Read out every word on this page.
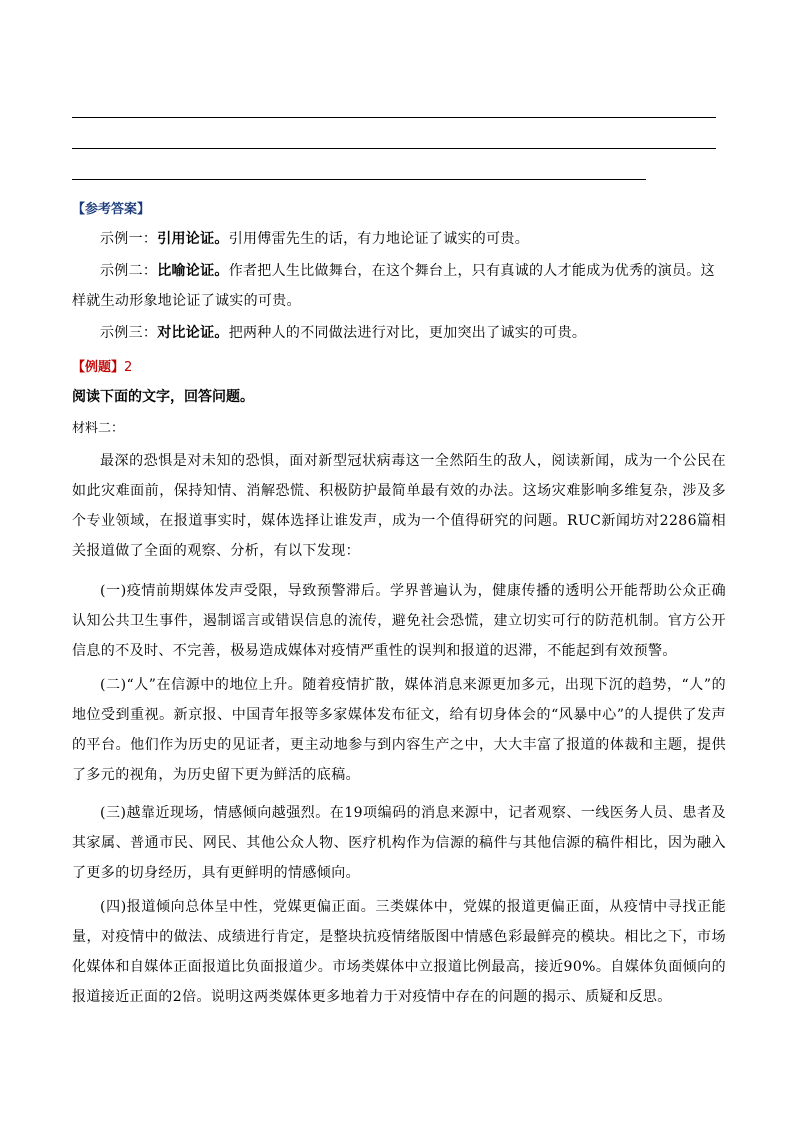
【参考答案】
示例一：引用论证。引用傅雷先生的话，有力地论证了诚实的可贵。
示例二：比喻论证。作者把人生比做舞台，在这个舞台上，只有真诚的人才能成为优秀的演员。这样就生动形象地论证了诚实的可贵。
示例三：对比论证。把两种人的不同做法进行对比，更加突出了诚实的可贵。
【例题】2
阅读下面的文字，回答问题。
材料二：
最深的恐惧是对未知的恐惧，面对新型冠状病毒这一全然陌生的敌人，阅读新闻，成为一个公民在如此灾难面前，保持知情、消解恐慌、积极防护最简单最有效的办法。这场灾难影响多维复杂，涉及多个专业领域，在报道事实时，媒体选择让谁发声，成为一个值得研究的问题。RUC新闻坊对2286篇相关报道做了全面的观察、分析，有以下发现：
(一)疫情前期媒体发声受限，导致预警滞后。学界普遍认为，健康传播的透明公开能帮助公众正确认知公共卫生事件，遏制谣言或错误信息的流传，避免社会恐慌，建立切实可行的防范机制。官方公开信息的不及时、不完善，极易造成媒体对疫情严重性的误判和报道的迟滞，不能起到有效预警。
(二)“人”在信源中的地位上升。随着疫情扩散，媒体消息来源更加多元，出现下沉的趋势，“人”的地位受到重视。新京报、中国青年报等多家媒体发布征文，给有切身体会的“风暴中心”的人提供了发声的平台。他们作为历史的见证者，更主动地参与到内容生产之中，大大丰富了报道的体裁和主题，提供了多元的视角，为历史留下更为鲜活的底稿。
(三)越靠近现场，情感倾向越强烈。在19项编码的消息来源中，记者观察、一线医务人员、患者及其家属、普通市民、网民、其他公众人物、医疗机构作为信源的稿件与其他信源的稿件相比，因为融入了更多的切身经历，具有更鲜明的情感倾向。
(四)报道倾向总体呈中性，党媒更偏正面。三类媒体中，党媒的报道更偏正面，从疫情中寻找正能量，对疫情中的做法、成绩进行肯定，是整块抗疫情绪版图中情感色彩最鲜亮的模块。相比之下，市场化媒体和自媒体正面报道比负面报道少。市场类媒体中立报道比例最高，接近90%。自媒体负面倾向的报道接近正面的2倍。说明这两类媒体更多地着力于对疫情中存在的问题的揭示、质疑和反思。
